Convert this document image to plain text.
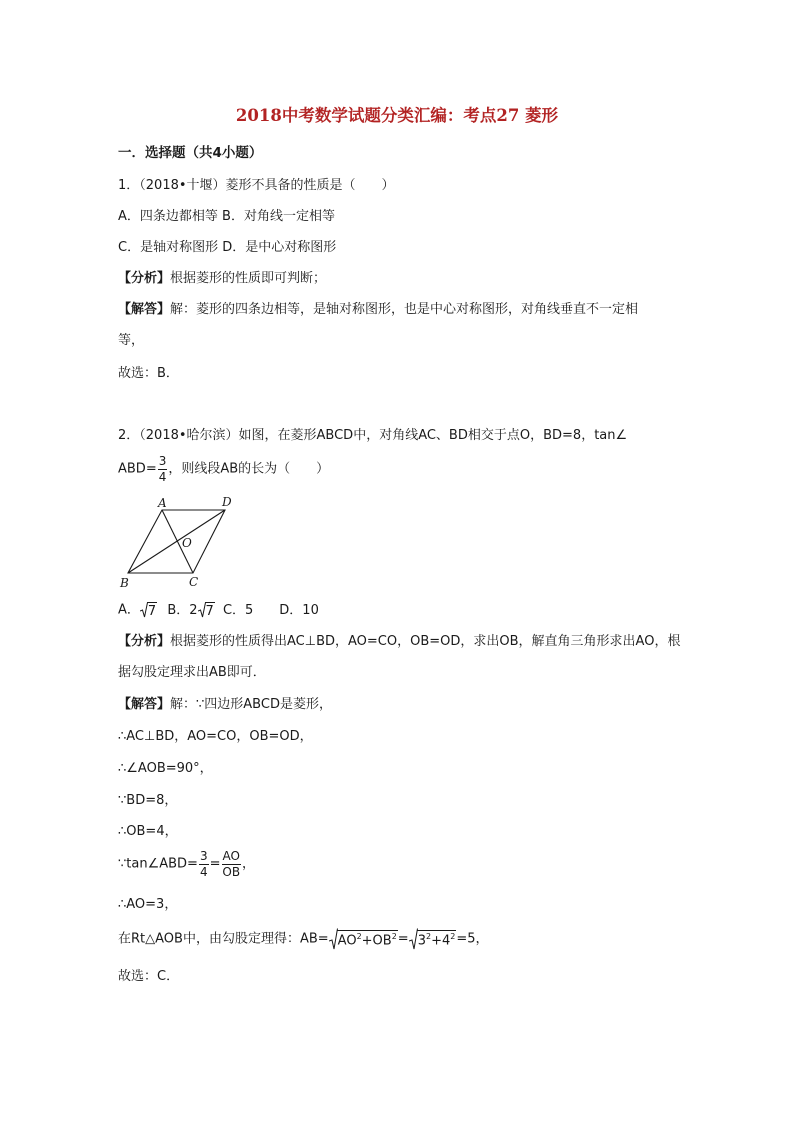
2018中考数学试题分类汇编：考点27 菱形
一．选择题（共4小题）
1．（2018•十堰）菱形不具备的性质是（　　）
A．四条边都相等 B．对角线一定相等
C．是轴对称图形 D．是中心对称图形
【分析】根据菱形的性质即可判断；
【解答】解：菱形的四条边相等，是轴对称图形，也是中心对称图形，对角线垂直不一定相
等，
故选：B．
2．（2018•哈尔滨）如图，在菱形ABCD中，对角线AC、BD相交于点O，BD=8，tan∠
$ABD= \frac{3}{4}$ ，则线段AB的长为（　　）
A	D
B	C
O
A． 7 B．2 7 C．5　　D．10
【分析】根据菱形的性质得出AC⊥BD，AO=CO，OB=OD，求出OB，解直角三角形求出AO，根
据勾股定理求出AB即可．
【解答】解：∵四边形ABCD是菱形，
∴AC⊥BD，AO=CO，OB=OD，
∴∠AOB=90°，
∵BD=8，
∴OB=4，
∵tan∠ABD= $\frac{3}{4} = \frac{AO}{OB}$ ，
∴AO=3，
在Rt△AOB中，由勾股定理得：$AB= AO^2+OB^2= 3^2+4^2=5$，
故选：C．
